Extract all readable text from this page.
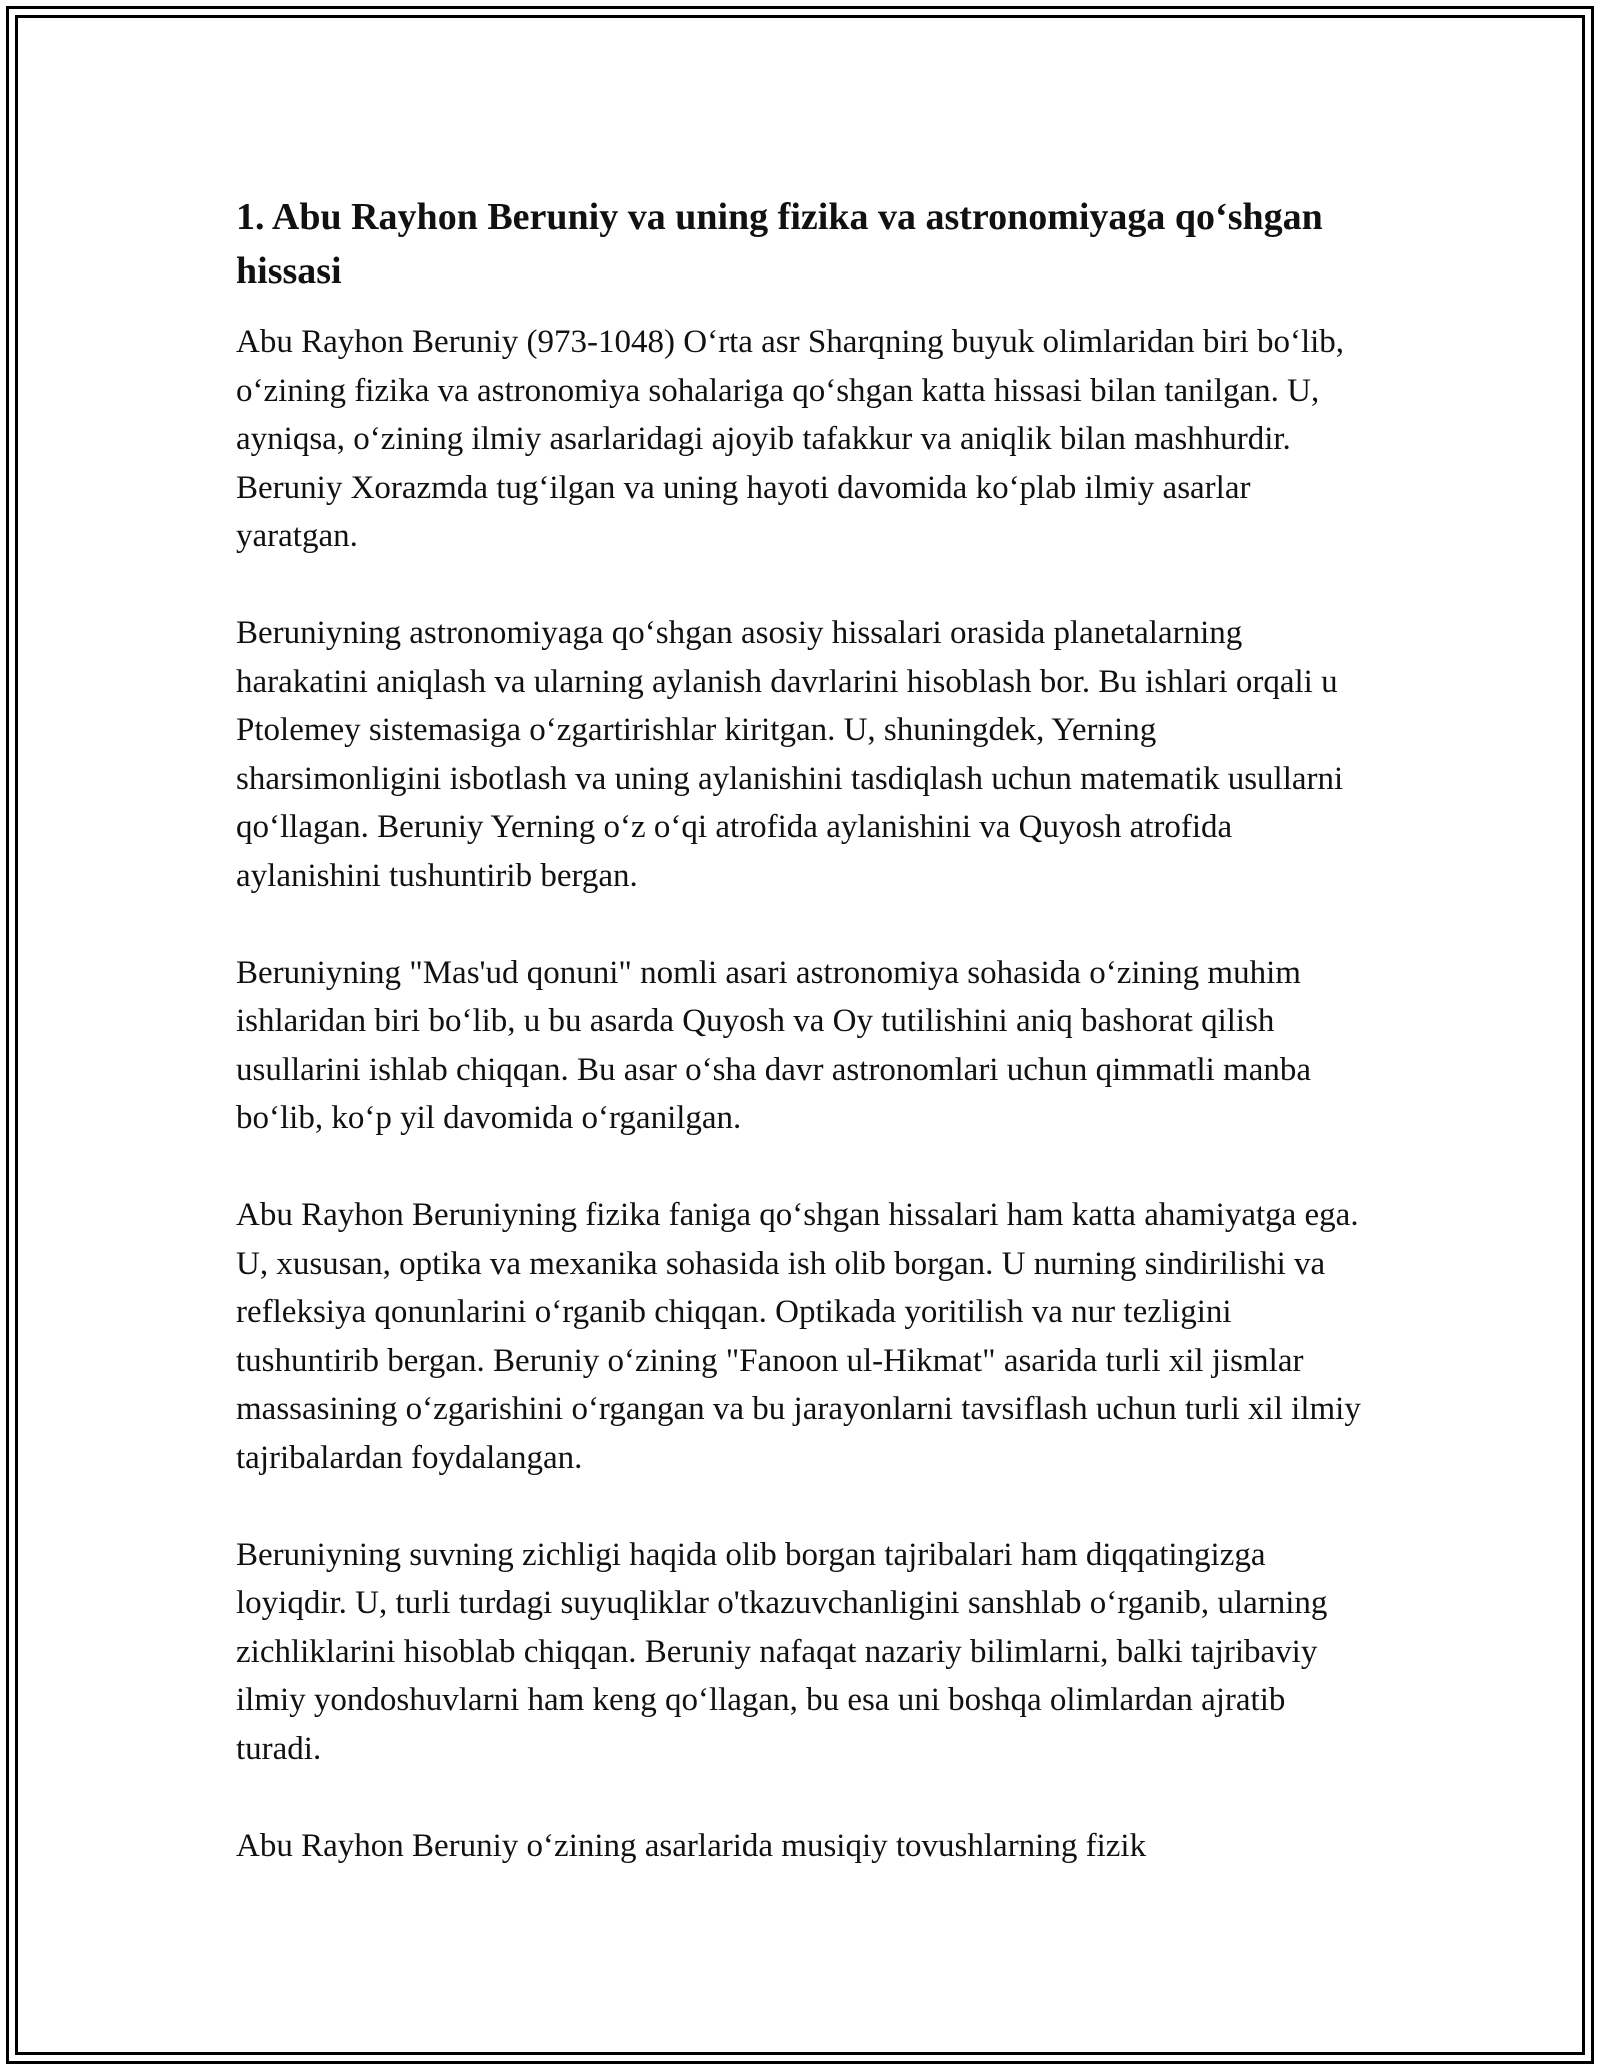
1. Abu Rayhon Beruniy va uning fizika va astronomiyaga qo‘shgan hissasi

Abu Rayhon Beruniy (973-1048) O‘rta asr Sharqning buyuk olimlaridan biri bo‘lib, o‘zining fizika va astronomiya sohalariga qo‘shgan katta hissasi bilan tanilgan. U, ayniqsa, o‘zining ilmiy asarlaridagi ajoyib tafakkur va aniqlik bilan mashhurdir. Beruniy Xorazmda tug‘ilgan va uning hayoti davomida ko‘plab ilmiy asarlar yaratgan.

Beruniyning astronomiyaga qo‘shgan asosiy hissalari orasida planetalarning harakatini aniqlash va ularning aylanish davrlarini hisoblash bor. Bu ishlari orqali u Ptolemey sistemasiga o‘zgartirishlar kiritgan. U, shuningdek, Yerning sharsimonligini isbotlash va uning aylanishini tasdiqlash uchun matematik usullarni qo‘llagan. Beruniy Yerning o‘z o‘qi atrofida aylanishini va Quyosh atrofida aylanishini tushuntirib bergan.

Beruniyning "Mas'ud qonuni" nomli asari astronomiya sohasida o‘zining muhim ishlaridan biri bo‘lib, u bu asarda Quyosh va Oy tutilishini aniq bashorat qilish usullarini ishlab chiqqan. Bu asar o‘sha davr astronomlari uchun qimmatli manba bo‘lib, ko‘p yil davomida o‘rganilgan.

Abu Rayhon Beruniyning fizika faniga qo‘shgan hissalari ham katta ahamiyatga ega. U, xususan, optika va mexanika sohasida ish olib borgan. U nurning sindirilishi va refleksiya qonunlarini o‘rganib chiqqan. Optikada yoritilish va nur tezligini tushuntirib bergan. Beruniy o‘zining "Fanoon ul-Hikmat" asarida turli xil jismlar massasining o‘zgarishini o‘rgangan va bu jarayonlarni tavsiflash uchun turli xil ilmiy tajribalardan foydalangan.

Beruniyning suvning zichligi haqida olib borgan tajribalari ham diqqatingizga loyiqdir. U, turli turdagi suyuqliklar o'tkazuvchanligini sanshlab o‘rganib, ularning zichliklarini hisoblab chiqqan. Beruniy nafaqat nazariy bilimlarni, balki tajribaviy ilmiy yondoshuvlarni ham keng qo‘llagan, bu esa uni boshqa olimlardan ajratib turadi.

Abu Rayhon Beruniy o‘zining asarlarida musiqiy tovushlarning fizik
